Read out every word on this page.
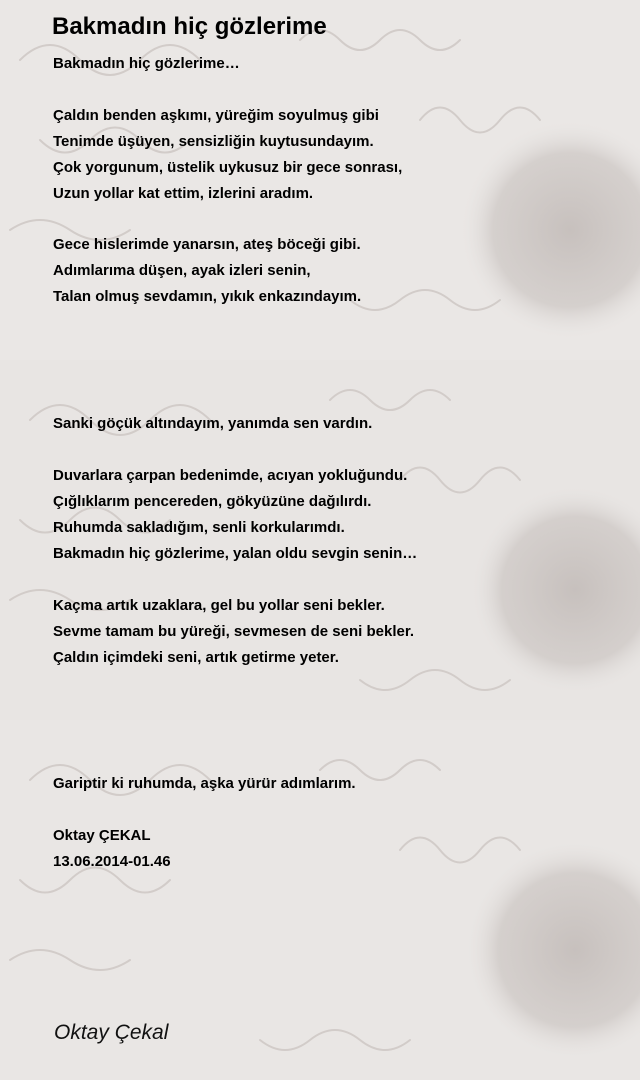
Bakmadın hiç gözlerime
Bakmadın hiç gözlerime…
Çaldın benden aşkımı, yüreğim soyulmuş gibi
Tenimde üşüyen, sensizliğin kuytusundayım.
Çok yorgunum, üstelik uykusuz bir gece sonrası,
Uzun yollar kat ettim, izlerini aradım.
Gece hislerimde yanarsın, ateş böceği gibi.
Adımlarıma düşen, ayak izleri senin,
Talan olmuş sevdamın, yıkık enkazındayım.
Sanki göçük altındayım, yanımda sen vardın.
Duvarlara çarpan bedenimde, acıyan yokluğundu.
Çığlıklarım pencereden, gökyüzüne dağılırdı.
Ruhumda sakladığım, senli korkularımdı.
Bakmadın hiç gözlerime, yalan oldu sevgin senin…
Kaçma artık uzaklara, gel bu yollar seni bekler.
Sevme tamam bu yüreği, sevmesen de seni bekler.
Çaldın içimdeki seni, artık getirme yeter.
Gariptir ki ruhumda, aşka yürür adımlarım.
Oktay ÇEKAL
13.06.2014-01.46
Oktay Çekal
